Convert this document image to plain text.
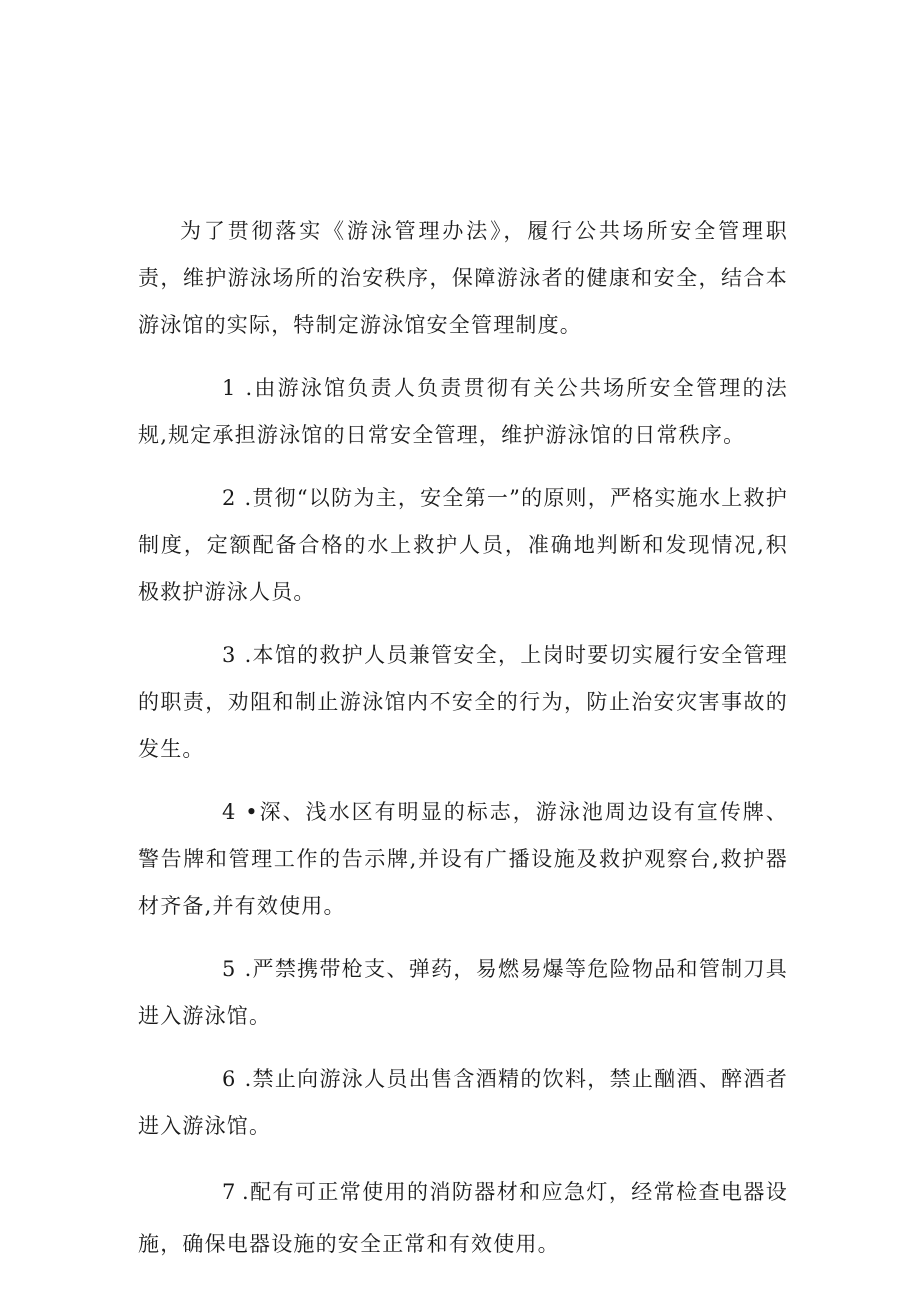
为了贯彻落实《游泳管理办法》，履行公共场所安全管理职责，维护游泳场所的治安秩序，保障游泳者的健康和安全，结合本游泳馆的实际，特制定游泳馆安全管理制度。

1 .由游泳馆负责人负责贯彻有关公共场所安全管理的法规,规定承担游泳馆的日常安全管理，维护游泳馆的日常秩序。

2 .贯彻“以防为主，安全第一”的原则，严格实施水上救护制度，定额配备合格的水上救护人员，准确地判断和发现情况,积极救护游泳人员。

3 .本馆的救护人员兼管安全，上岗时要切实履行安全管理的职责，劝阻和制止游泳馆内不安全的行为，防止治安灾害事故的发生。

4 •深、浅水区有明显的标志，游泳池周边设有宣传牌、警告牌和管理工作的告示牌,并设有广播设施及救护观察台,救护器材齐备,并有效使用。

5 .严禁携带枪支、弹药，易燃易爆等危险物品和管制刀具进入游泳馆。

6 .禁止向游泳人员出售含酒精的饮料，禁止酗酒、醉酒者进入游泳馆。

7 .配有可正常使用的消防器材和应急灯，经常检查电器设施，确保电器设施的安全正常和有效使用。
